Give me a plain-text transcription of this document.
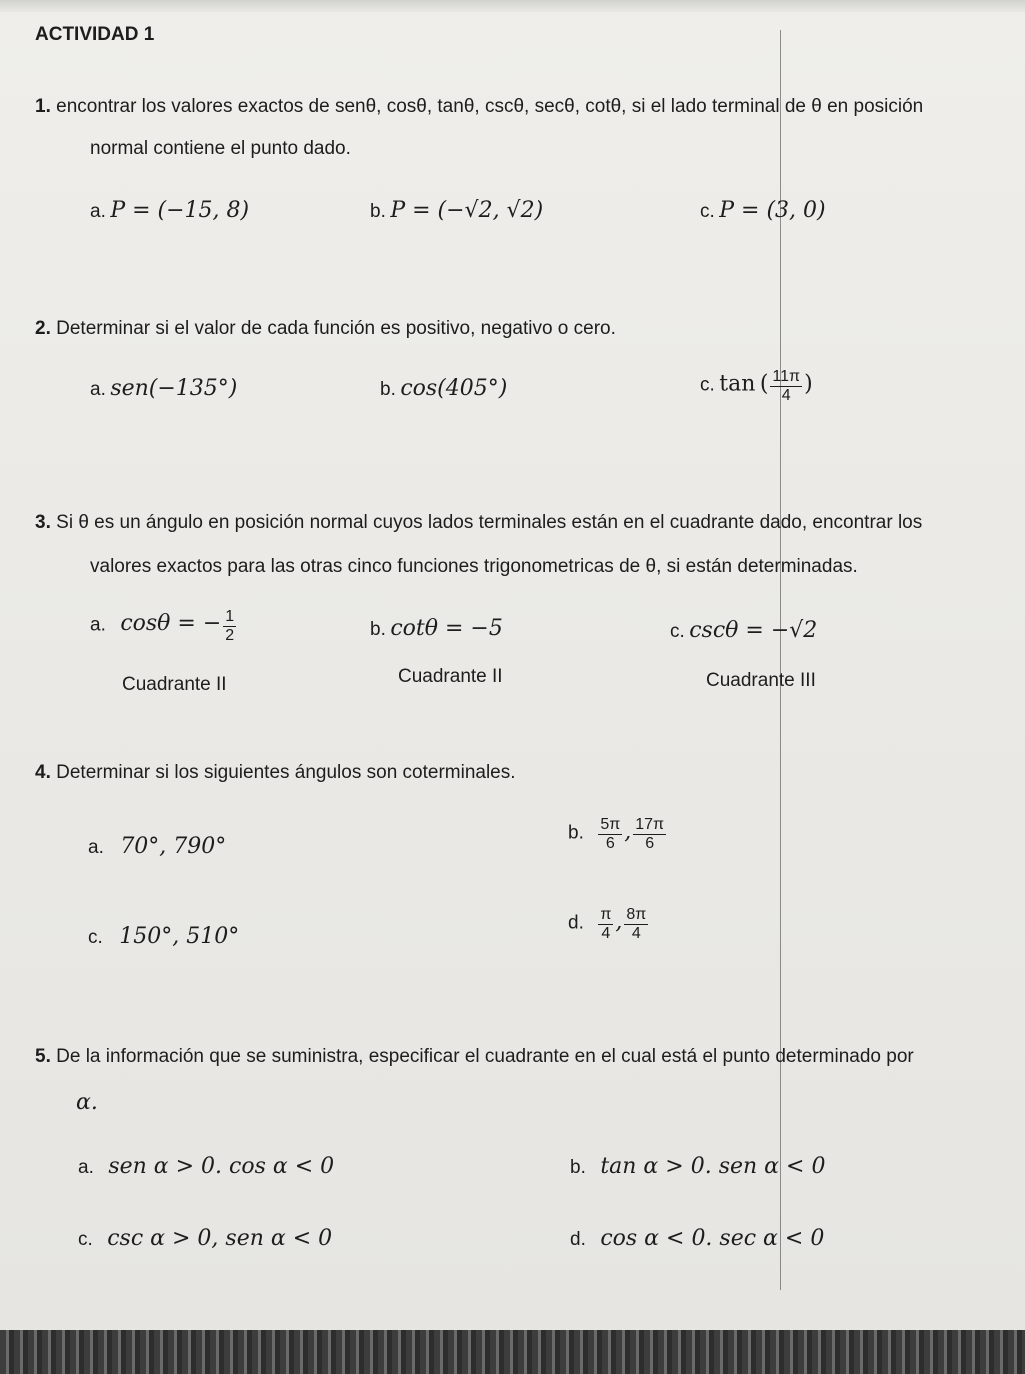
ACTIVIDAD 1
1. encontrar los valores exactos de senθ, cosθ, tanθ, cscθ, secθ, cotθ, si el lado terminal de θ en posición
normal contiene el punto dado.
a. P = (−15, 8)	b. P = (−√2, √2)	c. P = (3, 0)
2. Determinar si el valor de cada función es positivo, negativo o cero.
a. sen(−135°)	b. cos(405°)	c. tan ( $\frac{11\pi}{4}$ )
3. Si θ es un ángulo en posición normal cuyos lados terminales están en el cuadrante dado, encontrar los
valores exactos para las otras cinco funciones trigonometricas de θ, si están determinadas.
a. cosθ = − $\frac{1}{2}$	b. cotθ = −5	c. cscθ = −√2
Cuadrante II	Cuadrante II	Cuadrante III
4. Determinar si los siguientes ángulos son coterminales.
a. 70°, 790°
b. $\frac{5\pi}{6}$ , $\frac{17\pi}{6}$
c. 150°, 510°
d. $\frac{\pi}{4}$ , $\frac{8\pi}{4}$
5. De la información que se suministra, especificar el cuadrante en el cual está el punto determinado por
α.
a. sen α > 0. cos α < 0	b. tan α > 0. sen α < 0
c. csc α > 0, sen α < 0	d. cos α < 0. sec α < 0
